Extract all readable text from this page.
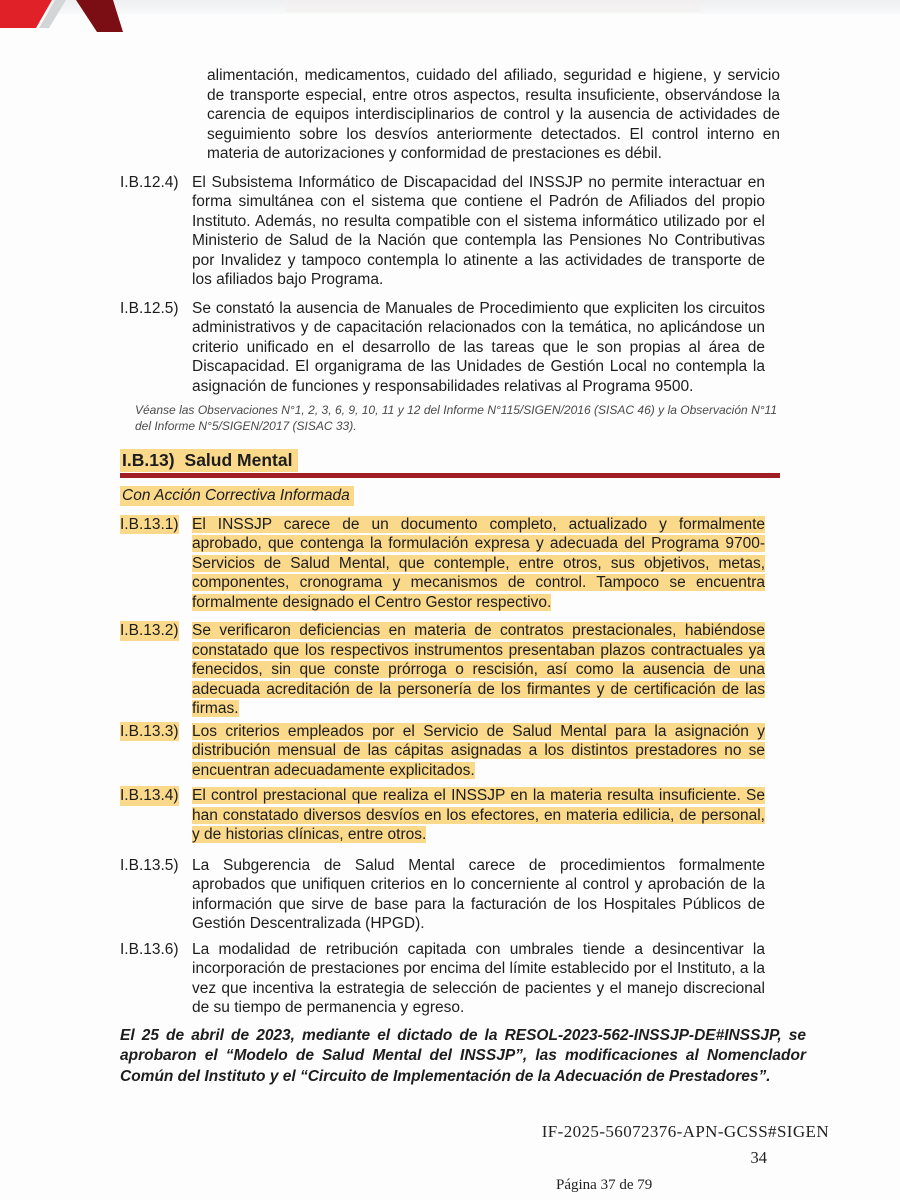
alimentación, medicamentos, cuidado del afiliado, seguridad e higiene, y servicio de transporte especial, entre otros aspectos, resulta insuficiente, observándose la carencia de equipos interdisciplinarios de control y la ausencia de actividades de seguimiento sobre los desvíos anteriormente detectados. El control interno en materia de autorizaciones y conformidad de prestaciones es débil.

I.B.12.4) El Subsistema Informático de Discapacidad del INSSJP no permite interactuar en forma simultánea con el sistema que contiene el Padrón de Afiliados del propio Instituto. Además, no resulta compatible con el sistema informático utilizado por el Ministerio de Salud de la Nación que contempla las Pensiones No Contributivas por Invalidez y tampoco contempla lo atinente a las actividades de transporte de los afiliados bajo Programa.
I.B.12.5) Se constató la ausencia de Manuales de Procedimiento que expliciten los circuitos administrativos y de capacitación relacionados con la temática, no aplicándose un criterio unificado en el desarrollo de las tareas que le son propias al área de Discapacidad. El organigrama de las Unidades de Gestión Local no contempla la asignación de funciones y responsabilidades relativas al Programa 9500.

Véanse las Observaciones N°1, 2, 3, 6, 9, 10, 11 y 12 del Informe N°115/SIGEN/2016 (SISAC 46) y la Observación N°11 del Informe N°5/SIGEN/2017 (SISAC 33).

I.B.13) Salud Mental
Con Acción Correctiva Informada
I.B.13.1) El INSSJP carece de un documento completo, actualizado y formalmente aprobado, que contenga la formulación expresa y adecuada del Programa 9700-Servicios de Salud Mental, que contemple, entre otros, sus objetivos, metas, componentes, cronograma y mecanismos de control. Tampoco se encuentra formalmente designado el Centro Gestor respectivo.
I.B.13.2) Se verificaron deficiencias en materia de contratos prestacionales, habiéndose constatado que los respectivos instrumentos presentaban plazos contractuales ya fenecidos, sin que conste prórroga o rescisión, así como la ausencia de una adecuada acreditación de la personería de los firmantes y de certificación de las firmas.
I.B.13.3) Los criterios empleados por el Servicio de Salud Mental para la asignación y distribución mensual de las cápitas asignadas a los distintos prestadores no se encuentran adecuadamente explicitados.
I.B.13.4) El control prestacional que realiza el INSSJP en la materia resulta insuficiente. Se han constatado diversos desvíos en los efectores, en materia edilicia, de personal, y de historias clínicas, entre otros.
I.B.13.5) La Subgerencia de Salud Mental carece de procedimientos formalmente aprobados que unifiquen criterios en lo concerniente al control y aprobación de la información que sirve de base para la facturación de los Hospitales Públicos de Gestión Descentralizada (HPGD).
I.B.13.6) La modalidad de retribución capitada con umbrales tiende a desincentivar la incorporación de prestaciones por encima del límite establecido por el Instituto, a la vez que incentiva la estrategia de selección de pacientes y el manejo discrecional de su tiempo de permanencia y egreso.

El 25 de abril de 2023, mediante el dictado de la RESOL-2023-562-INSSJP-DE#INSSJP, se aprobaron el “Modelo de Salud Mental del INSSJP”, las modificaciones al Nomenclador Común del Instituto y el “Circuito de Implementación de la Adecuación de Prestadores”.

IF-2025-56072376-APN-GCSS#SIGEN
34
Página 37 de 79
